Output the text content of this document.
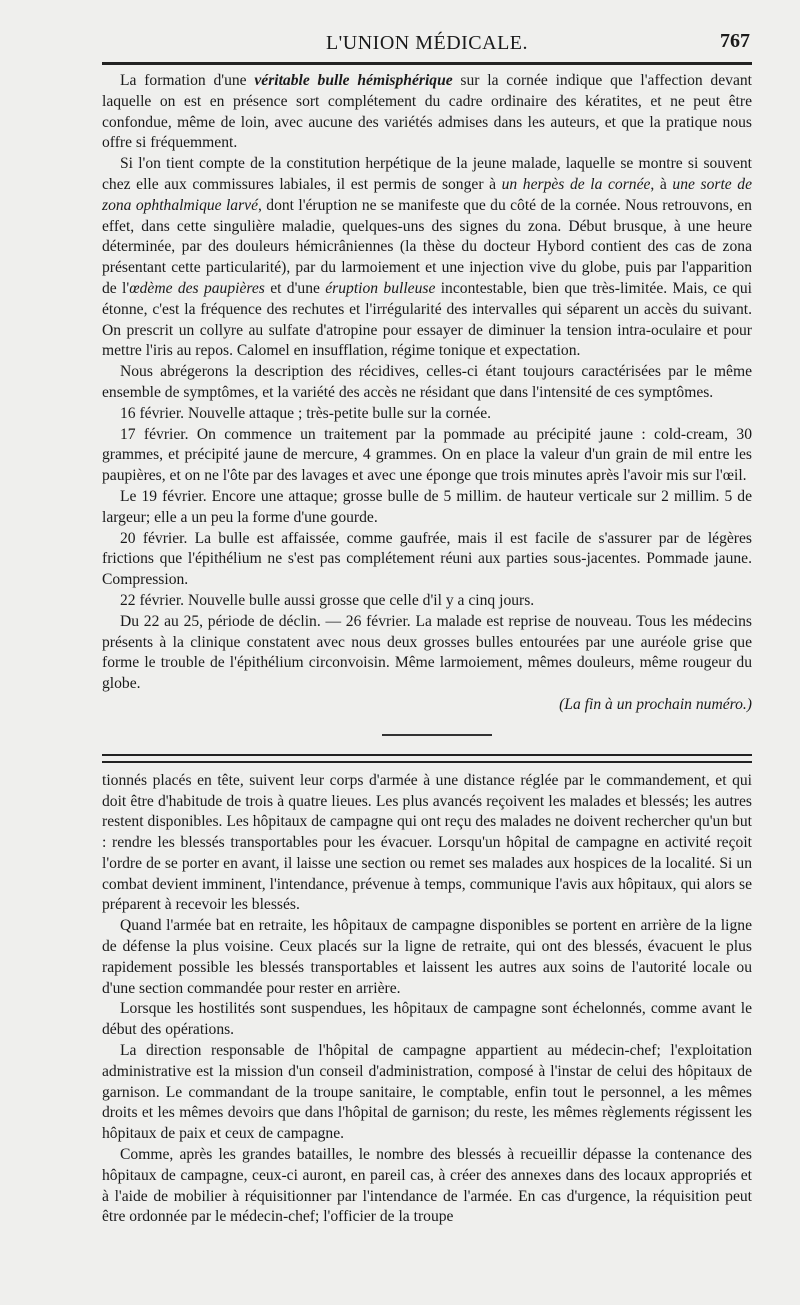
L'UNION MÉDICALE.	767

La formation d'une véritable bulle hémisphérique sur la cornée indique que l'affection devant laquelle on est en présence sort complétement du cadre ordinaire des kératites, et ne peut être confondue, même de loin, avec aucune des variétés admises dans les auteurs, et que la pratique nous offre si fréquemment.

Si l'on tient compte de la constitution herpétique de la jeune malade, laquelle se montre si souvent chez elle aux commissures labiales, il est permis de songer à un herpès de la cornée, à une sorte de zona ophthalmique larvé, dont l'éruption ne se manifeste que du côté de la cornée. Nous retrouvons, en effet, dans cette singulière maladie, quelques-uns des signes du zona. Début brusque, à une heure déterminée, par des douleurs hémicrâniennes (la thèse du docteur Hybord contient des cas de zona présentant cette particularité), par du larmoiement et une injection vive du globe, puis par l'apparition de l'œdème des paupières et d'une éruption bulleuse incontestable, bien que très-limitée. Mais, ce qui étonne, c'est la fréquence des rechutes et l'irrégularité des intervalles qui séparent un accès du suivant. On prescrit un collyre au sulfate d'atropine pour essayer de diminuer la tension intra-oculaire et pour mettre l'iris au repos. Calomel en insufflation, régime tonique et expectation.

Nous abrégerons la description des récidives, celles-ci étant toujours caractérisées par le même ensemble de symptômes, et la variété des accès ne résidant que dans l'intensité de ces symptômes.

16 février. Nouvelle attaque ; très-petite bulle sur la cornée.

17 février. On commence un traitement par la pommade au précipité jaune : cold-cream, 30 grammes, et précipité jaune de mercure, 4 grammes. On en place la valeur d'un grain de mil entre les paupières, et on ne l'ôte par des lavages et avec une éponge que trois minutes après l'avoir mis sur l'œil.

Le 19 février. Encore une attaque; grosse bulle de 5 millim. de hauteur verticale sur 2 millim. 5 de largeur; elle a un peu la forme d'une gourde.

20 février. La bulle est affaissée, comme gaufrée, mais il est facile de s'assurer par de légères frictions que l'épithélium ne s'est pas complétement réuni aux parties sous-jacentes. Pommade jaune. Compression.

22 février. Nouvelle bulle aussi grosse que celle d'il y a cinq jours.

Du 22 au 25, période de déclin. — 26 février. La malade est reprise de nouveau. Tous les médecins présents à la clinique constatent avec nous deux grosses bulles entourées par une auréole grise que forme le trouble de l'épithélium circonvoisin. Même larmoiement, mêmes douleurs, même rougeur du globe.

(La fin à un prochain numéro.)

tionnés placés en tête, suivent leur corps d'armée à une distance réglée par le commandement, et qui doit être d'habitude de trois à quatre lieues. Les plus avancés reçoivent les malades et blessés; les autres restent disponibles. Les hôpitaux de campagne qui ont reçu des malades ne doivent rechercher qu'un but : rendre les blessés transportables pour les évacuer. Lorsqu'un hôpital de campagne en activité reçoit l'ordre de se porter en avant, il laisse une section ou remet ses malades aux hospices de la localité. Si un combat devient imminent, l'intendance, prévenue à temps, communique l'avis aux hôpitaux, qui alors se préparent à recevoir les blessés.

Quand l'armée bat en retraite, les hôpitaux de campagne disponibles se portent en arrière de la ligne de défense la plus voisine. Ceux placés sur la ligne de retraite, qui ont des blessés, évacuent le plus rapidement possible les blessés transportables et laissent les autres aux soins de l'autorité locale ou d'une section commandée pour rester en arrière.

Lorsque les hostilités sont suspendues, les hôpitaux de campagne sont échelonnés, comme avant le début des opérations.

La direction responsable de l'hôpital de campagne appartient au médecin-chef; l'exploitation administrative est la mission d'un conseil d'administration, composé à l'instar de celui des hôpitaux de garnison. Le commandant de la troupe sanitaire, le comptable, enfin tout le personnel, a les mêmes droits et les mêmes devoirs que dans l'hôpital de garnison; du reste, les mêmes règlements régissent les hôpitaux de paix et ceux de campagne.

Comme, après les grandes batailles, le nombre des blessés à recueillir dépasse la contenance des hôpitaux de campagne, ceux-ci auront, en pareil cas, à créer des annexes dans des locaux appropriés et à l'aide de mobilier à réquisitionner par l'intendance de l'armée. En cas d'urgence, la réquisition peut être ordonnée par le médecin-chef; l'officier de la troupe
